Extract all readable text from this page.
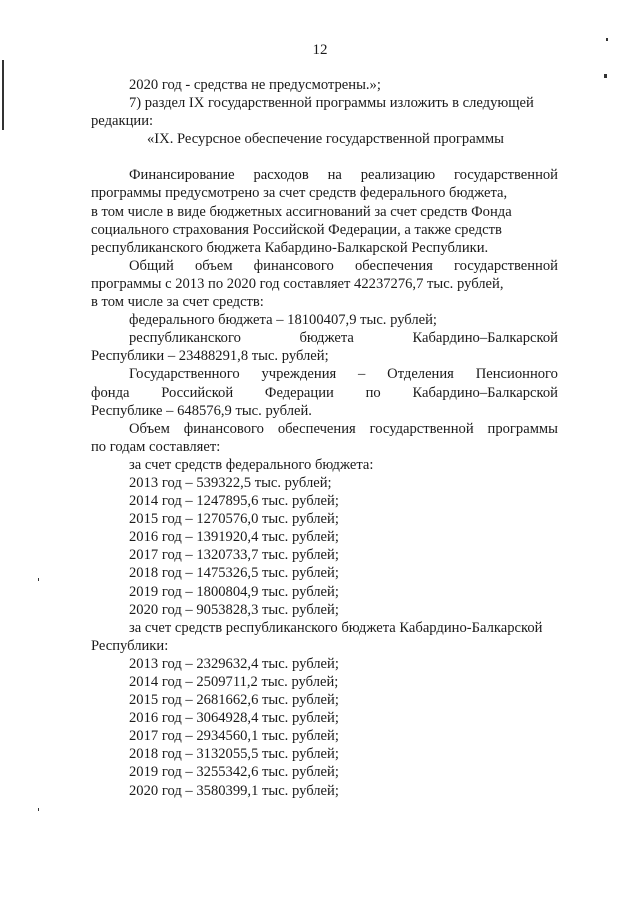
12
2020 год - средства не предусмотрены.»;
7) раздел IX государственной программы изложить в следующей
редакции:
«IX. Ресурсное обеспечение государственной программы
Финансирование расходов на реализацию государственной
программы предусмотрено за счет средств федерального бюджета,
в том числе в виде бюджетных ассигнований за счет средств Фонда
социального страхования Российской Федерации, а также средств
республиканского бюджета Кабардино-Балкарской Республики.
Общий объем финансового обеспечения государственной
программы с 2013 по 2020 год составляет 42237276,7 тыс. рублей,
в том числе за счет средств:
федерального бюджета – 18100407,9 тыс. рублей;
республиканского	бюджета	Кабардино–Балкарской
Республики – 23488291,8 тыс. рублей;
Государственного учреждения – Отделения Пенсионного
фонда Российской Федерации по Кабардино–Балкарской
Республике – 648576,9 тыс. рублей.
Объем финансового обеспечения государственной программы
по годам составляет:
за счет средств федерального бюджета:
2013 год – 539322,5 тыс. рублей;
2014 год – 1247895,6 тыс. рублей;
2015 год – 1270576,0 тыс. рублей;
2016 год – 1391920,4 тыс. рублей;
2017 год – 1320733,7 тыс. рублей;
2018 год – 1475326,5 тыс. рублей;
2019 год – 1800804,9 тыс. рублей;
2020 год – 9053828,3 тыс. рублей;
за счет средств республиканского бюджета Кабардино-Балкарской
Республики:
2013 год – 2329632,4 тыс. рублей;
2014 год – 2509711,2 тыс. рублей;
2015 год – 2681662,6 тыс. рублей;
2016 год – 3064928,4 тыс. рублей;
2017 год – 2934560,1 тыс. рублей;
2018 год – 3132055,5 тыс. рублей;
2019 год – 3255342,6 тыс. рублей;
2020 год – 3580399,1 тыс. рублей;
